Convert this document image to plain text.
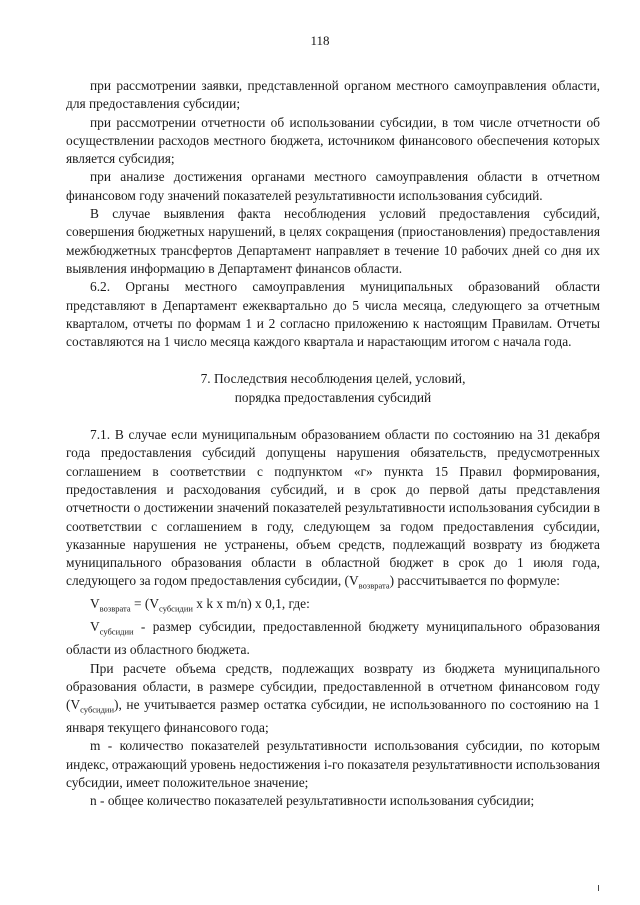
118

при рассмотрении заявки, представленной органом местного самоуправления области, для предоставления субсидии;

при рассмотрении отчетности об использовании субсидии, в том числе отчетности об осуществлении расходов местного бюджета, источником финансового обеспечения которых является субсидия;

при анализе достижения органами местного самоуправления области в отчетном финансовом году значений показателей результативности использования субсидий.

В случае выявления факта несоблюдения условий предоставления субсидий, совершения бюджетных нарушений, в целях сокращения (приостановления) предоставления межбюджетных трансфертов Департамент направляет в течение 10 рабочих дней со дня их выявления информацию в Департамент финансов области.

6.2. Органы местного самоуправления муниципальных образований области представляют в Департамент ежеквартально до 5 числа месяца, следующего за отчетным кварталом, отчеты по формам 1 и 2 согласно приложению к настоящим Правилам. Отчеты составляются на 1 число месяца каждого квартала и нарастающим итогом с начала года.

7. Последствия несоблюдения целей, условий,
порядка предоставления субсидий

7.1. В случае если муниципальным образованием области по состоянию на 31 декабря года предоставления субсидий допущены нарушения обязательств, предусмотренных соглашением в соответствии с подпунктом «г» пункта 15 Правил формирования, предоставления и расходования субсидий, и в срок до первой даты представления отчетности о достижении значений показателей результативности использования субсидии в соответствии с соглашением в году, следующем за годом предоставления субсидии, указанные нарушения не устранены, объем средств, подлежащий возврату из бюджета муниципального образования области в областной бюджет в срок до 1 июля года, следующего за годом предоставления субсидии, $(V_{возврата})$ рассчитывается по формуле:

$V_{возврата} = (V_{субсидии}$ x k x m/n) x 0,1, где:

$V_{субсидии}$ - размер субсидии, предоставленной бюджету муниципального образования области из областного бюджета.

При расчете объема средств, подлежащих возврату из бюджета муниципального образования области, в размере субсидии, предоставленной в отчетном финансовом году $(V_{субсидии})$, не учитывается размер остатка субсидии, не использованного по состоянию на 1 января текущего финансового года;

m - количество показателей результативности использования субсидии, по которым индекс, отражающий уровень недостижения i-го показателя результативности использования субсидии, имеет положительное значение;

n - общее количество показателей результативности использования субсидии;
